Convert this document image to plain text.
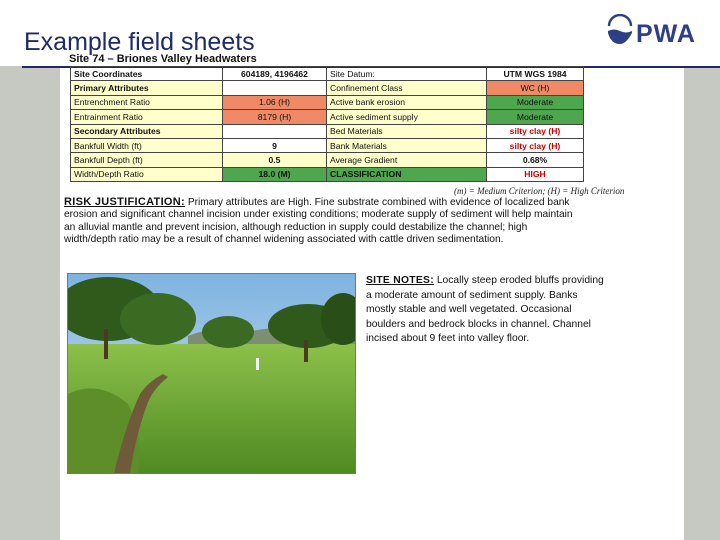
Example field sheets	PWA
Site 74 – Briones Valley Headwaters
Site Coordinates	604189, 4196462	Site Datum:	UTM WGS 1984
Primary Attributes		Confinement Class	WC (H)
Entrenchment Ratio	1.06 (H)	Active bank erosion	Moderate
Entrainment Ratio	8179 (H)	Active sediment supply	Moderate
Secondary Attributes		Bed Materials	silty clay (H)
Bankfull Width (ft)	9	Bank Materials	silty clay (H)
Bankfull Depth (ft)	0.5	Average Gradient	0.68%
Width/Depth Ratio	18.0 (M)	CLASSIFICATION	HIGH
(m) = Medium Criterion; (H) = High Criterion
RISK JUSTIFICATION: Primary attributes are High. Fine substrate combined with evidence of localized bank erosion and significant channel incision under existing conditions; moderate supply of sediment will help maintain an alluvial mantle and prevent incision, although reduction in supply could destabilize the channel; high width/depth ratio may be a result of channel widening associated with cattle driven sedimentation.
SITE NOTES: Locally steep eroded bluffs providing a moderate amount of sediment supply. Banks mostly stable and well vegetated. Occasional boulders and bedrock blocks in channel. Channel incised about 9 feet into valley floor.
